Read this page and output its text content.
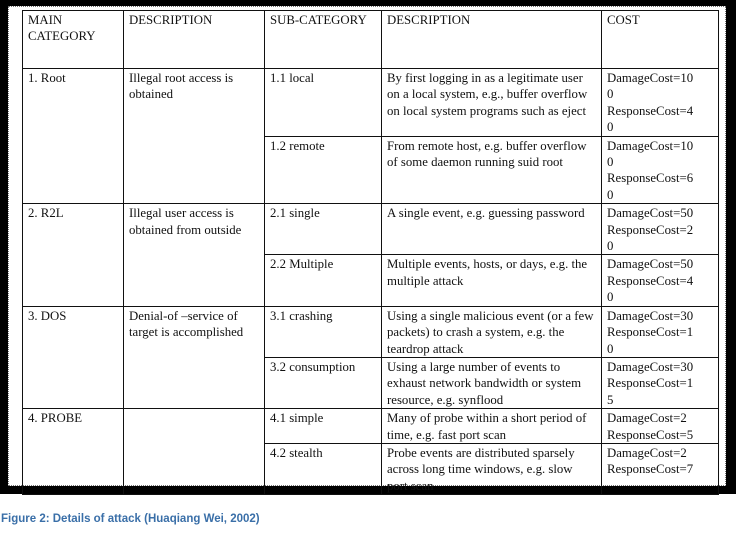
MAIN CATEGORY	DESCRIPTION	SUB-CATEGORY	DESCRIPTION	COST
1. Root	Illegal root access is obtained	1.1 local	By first logging in as a legitimate user on a local system, e.g., buffer overflow on local system programs such as eject	DamageCost=10
0
ResponseCost=4
0
		1.2 remote	From remote host, e.g. buffer overflow of some daemon running suid root	DamageCost=10
0
ResponseCost=6
0
2. R2L	Illegal user access is obtained from outside	2.1 single	A single event, e.g. guessing password	DamageCost=50
ResponseCost=2
0
		2.2 Multiple	Multiple events, hosts, or days, e.g. the multiple attack	DamageCost=50
ResponseCost=4
0
3. DOS	Denial-of –service of target is accomplished	3.1 crashing	Using a single malicious event (or a few packets) to crash a system, e.g. the teardrop attack	DamageCost=30
ResponseCost=1
0
		3.2 consumption	Using a large number of events to exhaust network bandwidth or system resource, e.g. synflood	DamageCost=30
ResponseCost=1
5
4. PROBE		4.1 simple	Many of probe within a short period of time, e.g. fast port scan	DamageCost=2
ResponseCost=5
		4.2 stealth	Probe events are distributed sparsely across long time windows, e.g. slow port scan	DamageCost=2
ResponseCost=7
Figure 2: Details of attack (Huaqiang Wei, 2002)
